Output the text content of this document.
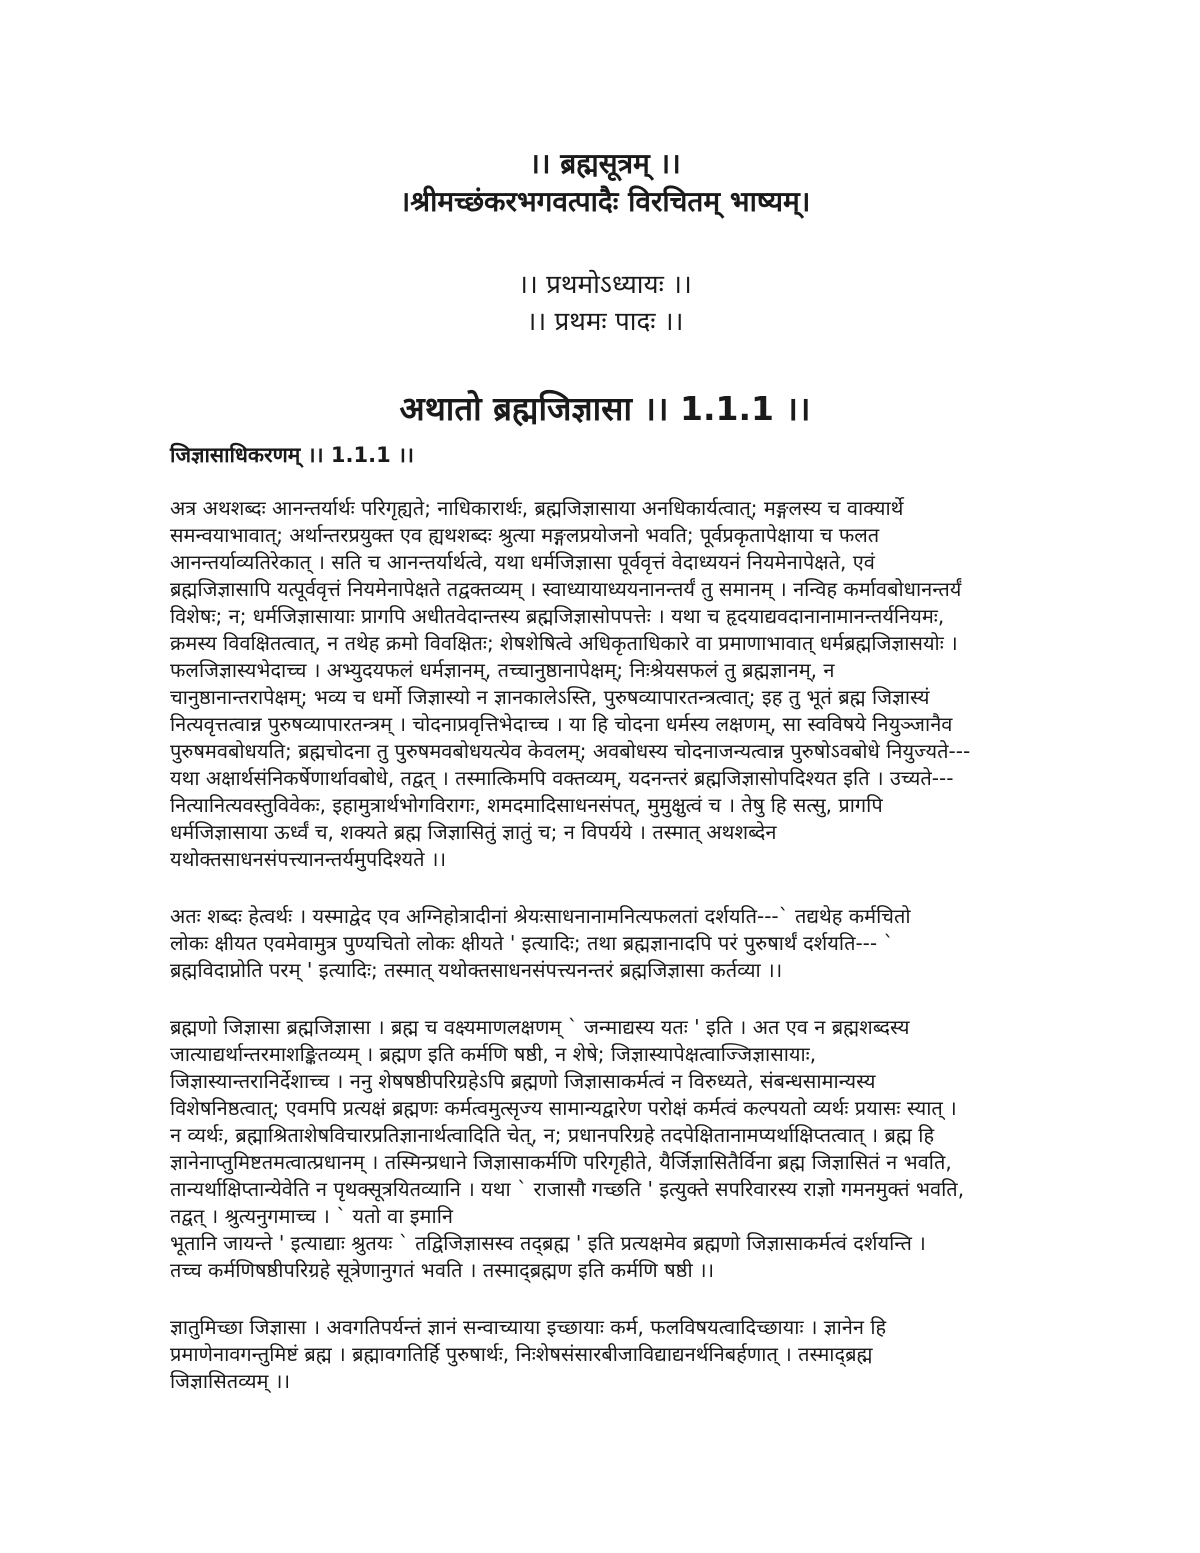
।। ब्रह्मसूत्रम् ।।
।श्रीमच्छंकरभगवत्पादैः विरचितम् भाष्यम्।
।। प्रथमोऽध्यायः ।।
।। प्रथमः पादः ।।
अथातो ब्रह्मजिज्ञासा ।। 1.1.1 ।।
जिज्ञासाधिकरणम् ।। 1.1.1 ।।
अत्र अथशब्दः आनन्तर्यार्थः परिगृह्यते; नाधिकारार्थः, ब्रह्मजिज्ञासाया अनधिकार्यत्वात्; मङ्गलस्य च वाक्यार्थे
समन्वयाभावात्; अर्थान्तरप्रयुक्त एव ह्यथशब्दः श्रुत्या मङ्गलप्रयोजनो भवति; पूर्वप्रकृतापेक्षाया च फलत
आनन्तर्याव्यतिरेकात् । सति च आनन्तर्यार्थत्वे, यथा धर्मजिज्ञासा पूर्ववृत्तं वेदाध्ययनं नियमेनापेक्षते, एवं
ब्रह्मजिज्ञासापि यत्पूर्ववृत्तं नियमेनापेक्षते तद्वक्तव्यम् । स्वाध्यायाध्ययनानन्तर्यं तु समानम् । नन्विह कर्मावबोधानन्तर्यं
विशेषः; न; धर्मजिज्ञासायाः प्रागपि अधीतवेदान्तस्य ब्रह्मजिज्ञासोपपत्तेः । यथा च हृदयाद्यवदानानामानन्तर्यनियमः,
क्रमस्य विवक्षितत्वात्, न तथेह क्रमो विवक्षितः; शेषशेषित्वे अधिकृताधिकारे वा प्रमाणाभावात् धर्मब्रह्मजिज्ञासयोः ।
फलजिज्ञास्यभेदाच्च । अभ्युदयफलं धर्मज्ञानम्, तच्चानुष्ठानापेक्षम्; निःश्रेयसफलं तु ब्रह्मज्ञानम्, न
चानुष्ठानान्तरापेक्षम्; भव्य च धर्मो जिज्ञास्यो न ज्ञानकालेऽस्ति, पुरुषव्यापारतन्त्रत्वात्; इह तु भूतं ब्रह्म जिज्ञास्यं
नित्यवृत्तत्वान्न पुरुषव्यापारतन्त्रम् । चोदनाप्रवृत्तिभेदाच्च । या हि चोदना धर्मस्य लक्षणम्, सा स्वविषये नियुञ्जानैव
पुरुषमवबोधयति; ब्रह्मचोदना तु पुरुषमवबोधयत्येव केवलम्; अवबोधस्य चोदनाजन्यत्वान्न पुरुषोऽवबोधे नियुज्यते---
यथा अक्षार्थसंनिकर्षेणार्थावबोधे, तद्वत् । तस्मात्किमपि वक्तव्यम्, यदनन्तरं ब्रह्मजिज्ञासोपदिश्यत इति । उच्यते---
नित्यानित्यवस्तुविवेकः, इहामुत्रार्थभोगविरागः, शमदमादिसाधनसंपत्, मुमुक्षुत्वं च । तेषु हि सत्सु, प्रागपि
धर्मजिज्ञासाया ऊर्ध्वं च, शक्यते ब्रह्म जिज्ञासितुं ज्ञातुं च; न विपर्यये । तस्मात् अथशब्देन
यथोक्तसाधनसंपत्त्यानन्तर्यमुपदिश्यते ।।
अतः शब्दः हेत्वर्थः । यस्माद्वेद एव अग्निहोत्रादीनां श्रेयःसाधनानामनित्यफलतां दर्शयति---` तद्यथेह कर्मचितो
लोकः क्षीयत एवमेवामुत्र पुण्यचितो लोकः क्षीयते ' इत्यादिः; तथा ब्रह्मज्ञानादपि परं पुरुषार्थं दर्शयति--- `
ब्रह्मविदाप्नोति परम् ' इत्यादिः; तस्मात् यथोक्तसाधनसंपत्त्यनन्तरं ब्रह्मजिज्ञासा कर्तव्या ।।
ब्रह्मणो जिज्ञासा ब्रह्मजिज्ञासा । ब्रह्म च वक्ष्यमाणलक्षणम् ` जन्माद्यस्य यतः ' इति । अत एव न ब्रह्मशब्दस्य
जात्याद्यर्थान्तरमाशङ्कितव्यम् । ब्रह्मण इति कर्मणि षष्ठी, न शेषे; जिज्ञास्यापेक्षत्वाज्जिज्ञासायाः,
जिज्ञास्यान्तरानिर्देशाच्च । ननु शेषषष्ठीपरिग्रहेऽपि ब्रह्मणो जिज्ञासाकर्मत्वं न विरुध्यते, संबन्धसामान्यस्य
विशेषनिष्ठत्वात्; एवमपि प्रत्यक्षं ब्रह्मणः कर्मत्वमुत्सृज्य सामान्यद्वारेण परोक्षं कर्मत्वं कल्पयतो व्यर्थः प्रयासः स्यात् ।
न व्यर्थः, ब्रह्माश्रिताशेषविचारप्रतिज्ञानार्थत्वादिति चेत्, न; प्रधानपरिग्रहे तदपेक्षितानामप्यर्थाक्षिप्तत्वात् । ब्रह्म हि
ज्ञानेनाप्तुमिष्टतमत्वात्प्रधानम् । तस्मिन्प्रधाने जिज्ञासाकर्मणि परिगृहीते, यैर्जिज्ञासितैर्विना ब्रह्म जिज्ञासितं न भवति,
तान्यर्थाक्षिप्तान्येवेति न पृथक्सूत्रयितव्यानि । यथा ` राजासौ गच्छति ' इत्युक्ते सपरिवारस्य राज्ञो गमनमुक्तं भवति,
तद्वत् । श्रुत्यनुगमाच्च । ` यतो वा इमानि
भूतानि जायन्ते ' इत्याद्याः श्रुतयः ` तद्विजिज्ञासस्व तद्ब्रह्म ' इति प्रत्यक्षमेव ब्रह्मणो जिज्ञासाकर्मत्वं दर्शयन्ति ।
तच्च कर्मणिषष्ठीपरिग्रहे सूत्रेणानुगतं भवति । तस्माद्ब्रह्मण इति कर्मणि षष्ठी ।।
ज्ञातुमिच्छा जिज्ञासा । अवगतिपर्यन्तं ज्ञानं सन्वाच्याया इच्छायाः कर्म, फलविषयत्वादिच्छायाः । ज्ञानेन हि
प्रमाणेनावगन्तुमिष्टं ब्रह्म । ब्रह्मावगतिर्हि पुरुषार्थः, निःशेषसंसारबीजाविद्याद्यनर्थनिबर्हणात् । तस्माद्ब्रह्म
जिज्ञासितव्यम् ।।
